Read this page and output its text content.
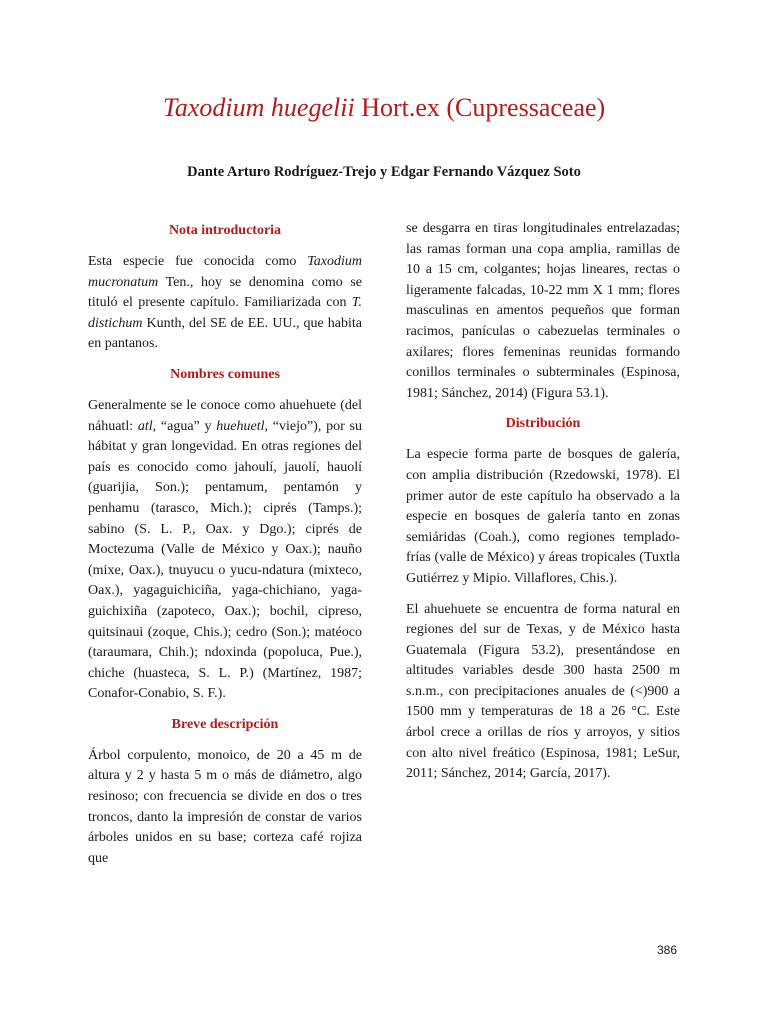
Taxodium huegelii Hort.ex (Cupressaceae)
Dante Arturo Rodríguez-Trejo y Edgar Fernando Vázquez Soto
Nota introductoria

Esta especie fue conocida como Taxodium mucronatum Ten., hoy se denomina como se tituló el presente capítulo. Familiarizada con T. distichum Kunth, del SE de EE. UU., que habita en pantanos.

Nombres comunes

Generalmente se le conoce como ahuehuete (del náhuatl: atl, “agua” y huehuetl, “viejo”), por su hábitat y gran longevidad. En otras regiones del país es conocido como jahoulí, jauolí, hauolí (guarijia, Son.); pentamum, pentamón y penhamu (tarasco, Mich.); ciprés (Tamps.); sabino (S. L. P., Oax. y Dgo.); ciprés de Moctezuma (Valle de México y Oax.); nauño (mixe, Oax.), tnuyucu o yucu-ndatura (mixteco, Oax.), yagaguichiciña, yaga-chichiano, yaga-guichixiña (zapoteco, Oax.); bochil, cipreso, quitsinaui (zoque, Chis.); cedro (Son.); matéoco (taraumara, Chih.); ndoxinda (popoluca, Pue.), chiche (huasteca, S. L. P.) (Martínez, 1987; Conafor-Conabio, S. F.).

Breve descripción

Árbol corpulento, monoico, de 20 a 45 m de altura y 2 y hasta 5 m o más de diámetro, algo resinoso; con frecuencia se divide en dos o tres troncos, danto la impresión de constar de varios árboles unidos en su base; corteza café rojiza que

se desgarra en tiras longitudinales entrelazadas; las ramas forman una copa amplia, ramillas de 10 a 15 cm, colgantes; hojas lineares, rectas o ligeramente falcadas, 10-22 mm X 1 mm; flores masculinas en amentos pequeños que forman racimos, panículas o cabezuelas terminales o axilares; flores femeninas reunidas formando conillos terminales o subterminales (Espinosa, 1981; Sánchez, 2014) (Figura 53.1).

Distribución

La especie forma parte de bosques de galería, con amplia distribución (Rzedowski, 1978). El primer autor de este capítulo ha observado a la especie en bosques de galería tanto en zonas semiáridas (Coah.), como regiones templado-frías (valle de México) y áreas tropicales (Tuxtla Gutiérrez y Mipio. Villaflores, Chis.).

El ahuehuete se encuentra de forma natural en regiones del sur de Texas, y de México hasta Guatemala (Figura 53.2), presentándose en altitudes variables desde 300 hasta 2500 m s.n.m., con precipitaciones anuales de (<)900 a 1500 mm y temperaturas de 18 a 26 °C. Este árbol crece a orillas de ríos y arroyos, y sitios con alto nivel freático (Espinosa, 1981; LeSur, 2011; Sánchez, 2014; García, 2017).

386
